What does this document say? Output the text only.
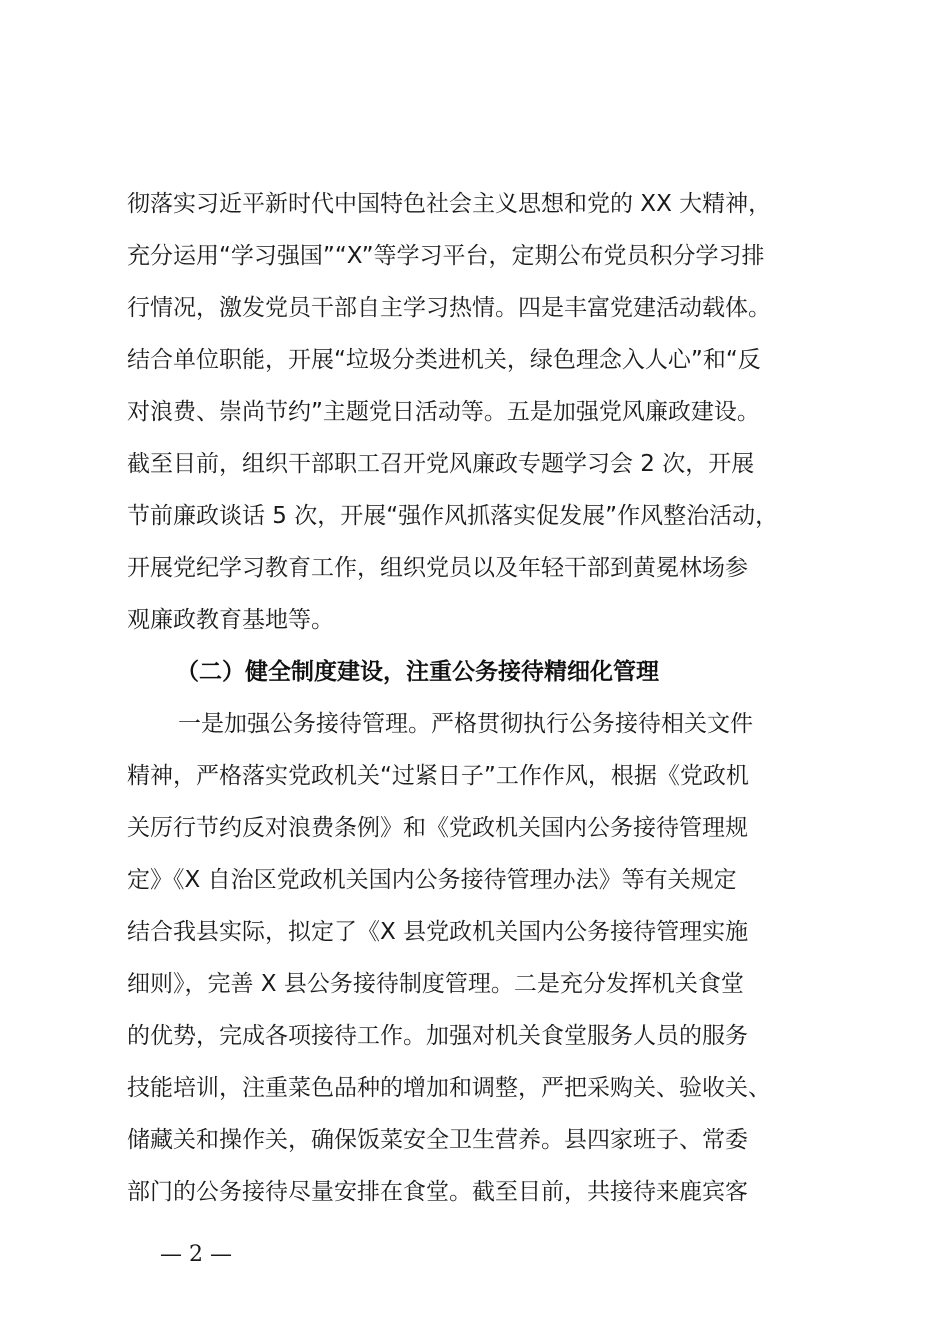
彻落实习近平新时代中国特色社会主义思想和党的 XX 大精神，
充分运用“学习强国”“X”等学习平台，定期公布党员积分学习排
行情况，激发党员干部自主学习热情。四是丰富党建活动载体。
结合单位职能，开展“垃圾分类进机关，绿色理念入人心”和“反
对浪费、崇尚节约”主题党日活动等。五是加强党风廉政建设。
截至目前，组织干部职工召开党风廉政专题学习会 2 次，开展
节前廉政谈话 5 次，开展“强作风抓落实促发展”作风整治活动，
开展党纪学习教育工作，组织党员以及年轻干部到黄冕林场参
观廉政教育基地等。
（二）健全制度建设，注重公务接待精细化管理
一是加强公务接待管理。严格贯彻执行公务接待相关文件
精神，严格落实党政机关“过紧日子”工作作风，根据《党政机
关厉行节约反对浪费条例》和《党政机关国内公务接待管理规
定》《X 自治区党政机关国内公务接待管理办法》等有关规定
结合我县实际，拟定了《X 县党政机关国内公务接待管理实施
细则》，完善 X 县公务接待制度管理。二是充分发挥机关食堂
的优势，完成各项接待工作。加强对机关食堂服务人员的服务
技能培训，注重菜色品种的增加和调整，严把采购关、验收关、
储藏关和操作关，确保饭菜安全卫生营养。县四家班子、常委
部门的公务接待尽量安排在食堂。截至目前，共接待来鹿宾客
— 2 —
